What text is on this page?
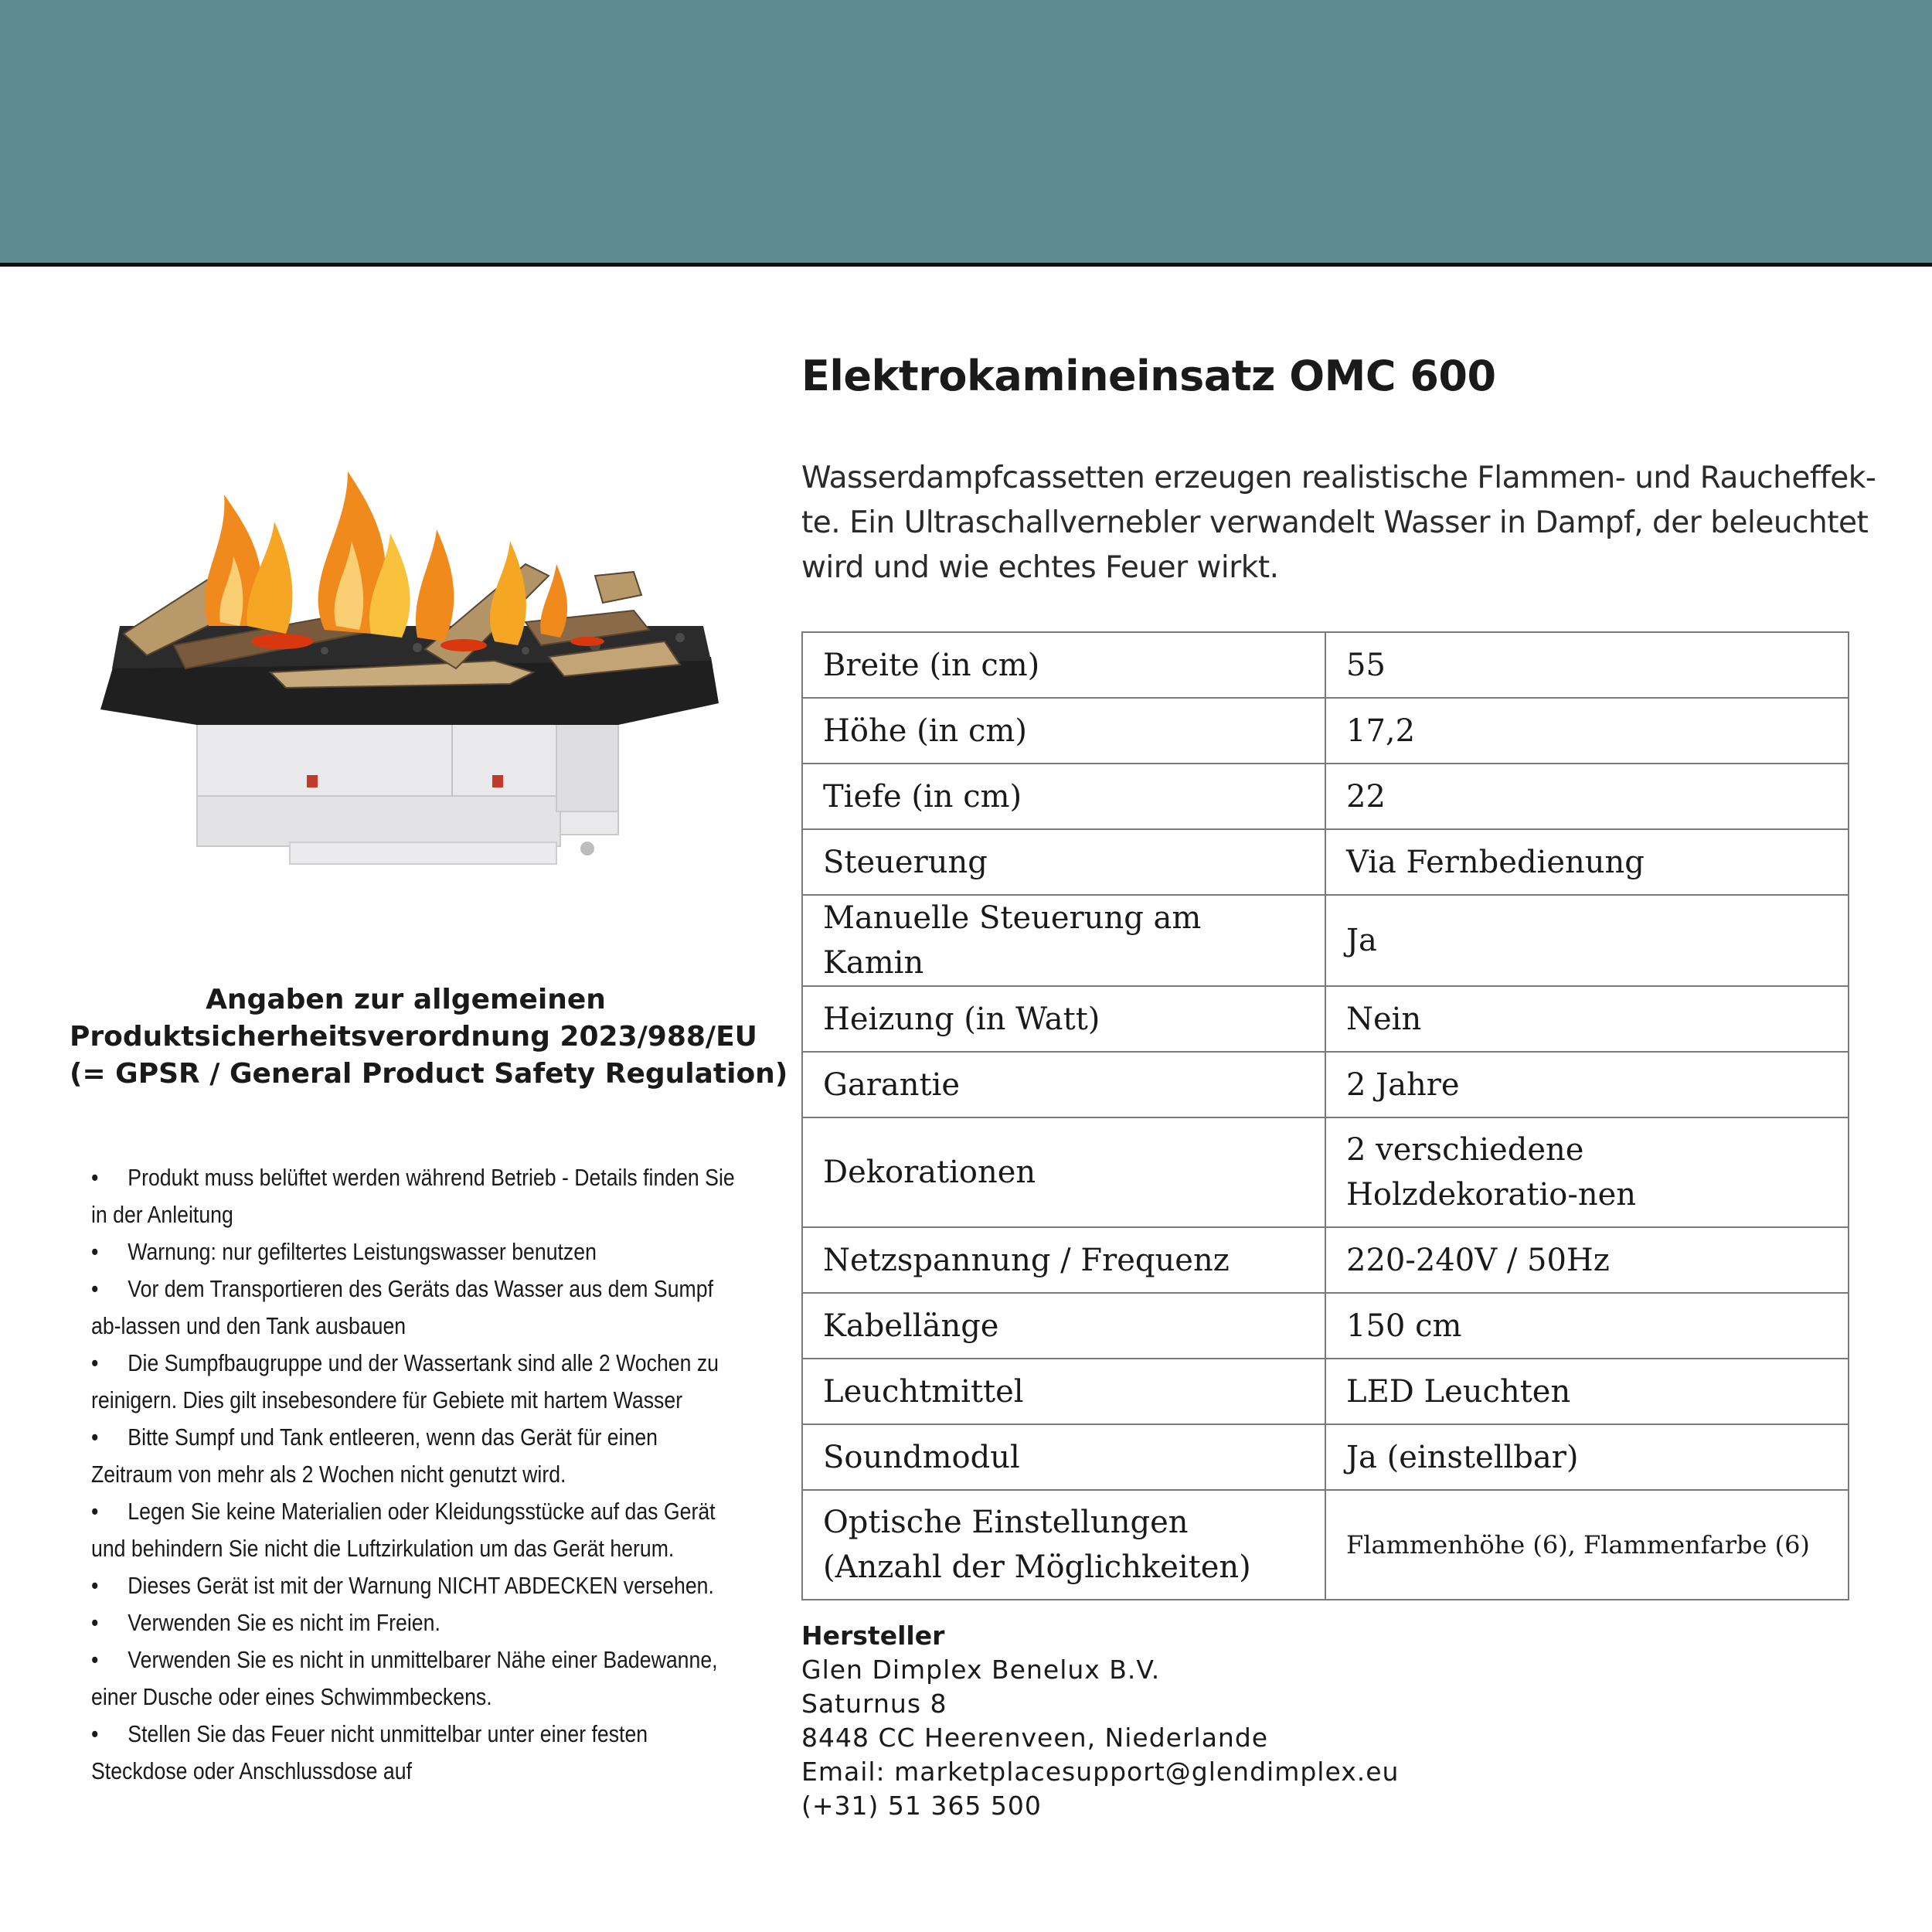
Angaben zur allgemeinen
Produktsicherheitsverordnung 2023/988/EU
(= GPSR / General Product Safety Regulation)
•	Produkt muss belüftet werden während Betrieb - Details finden Sie in der Anleitung
•	Warnung: nur gefiltertes Leistungswasser benutzen
•	Vor dem Transportieren des Geräts das Wasser aus dem Sumpf ab-lassen und den Tank ausbauen
•	Die Sumpfbaugruppe und der Wassertank sind alle 2 Wochen zu reinigern. Dies gilt insebesondere für Gebiete mit hartem Wasser
•	Bitte Sumpf und Tank entleeren, wenn das Gerät für einen Zeitraum von mehr als 2 Wochen nicht genutzt wird.
•	Legen Sie keine Materialien oder Kleidungsstücke auf das Gerät und behindern Sie nicht die Luftzirkulation um das Gerät herum.
•	Dieses Gerät ist mit der Warnung NICHT ABDECKEN versehen.
•	Verwenden Sie es nicht im Freien.
•	Verwenden Sie es nicht in unmittelbarer Nähe einer Badewanne, einer Dusche oder eines Schwimmbeckens.
•	Stellen Sie das Feuer nicht unmittelbar unter einer festen Steckdose oder Anschlussdose auf
Elektrokamineinsatz OMC 600
Wasserdampfcassetten erzeugen realistische Flammen- und Raucheffek-
te. Ein Ultraschallvernebler verwandelt Wasser in Dampf, der beleuchtet
wird und wie echtes Feuer wirkt.
Breite (in cm)	55
Höhe (in cm)	17,2
Tiefe (in cm)	22
Steuerung	Via Fernbedienung
Manuelle Steuerung am Kamin	Ja
Heizung (in Watt)	Nein
Garantie	2 Jahre
Dekorationen	2 verschiedene Holzdekoratio-nen
Netzspannung / Frequenz	220-240V / 50Hz
Kabellänge	150 cm
Leuchtmittel	LED Leuchten
Soundmodul	Ja (einstellbar)
Optische Einstellungen (Anzahl der Möglichkeiten)	Flammenhöhe (6), Flammenfarbe (6)
Hersteller
Glen Dimplex Benelux B.V.
Saturnus 8
8448 CC Heerenveen, Niederlande
Email: marketplacesupport@glendimplex.eu
(+31) 51 365 500
